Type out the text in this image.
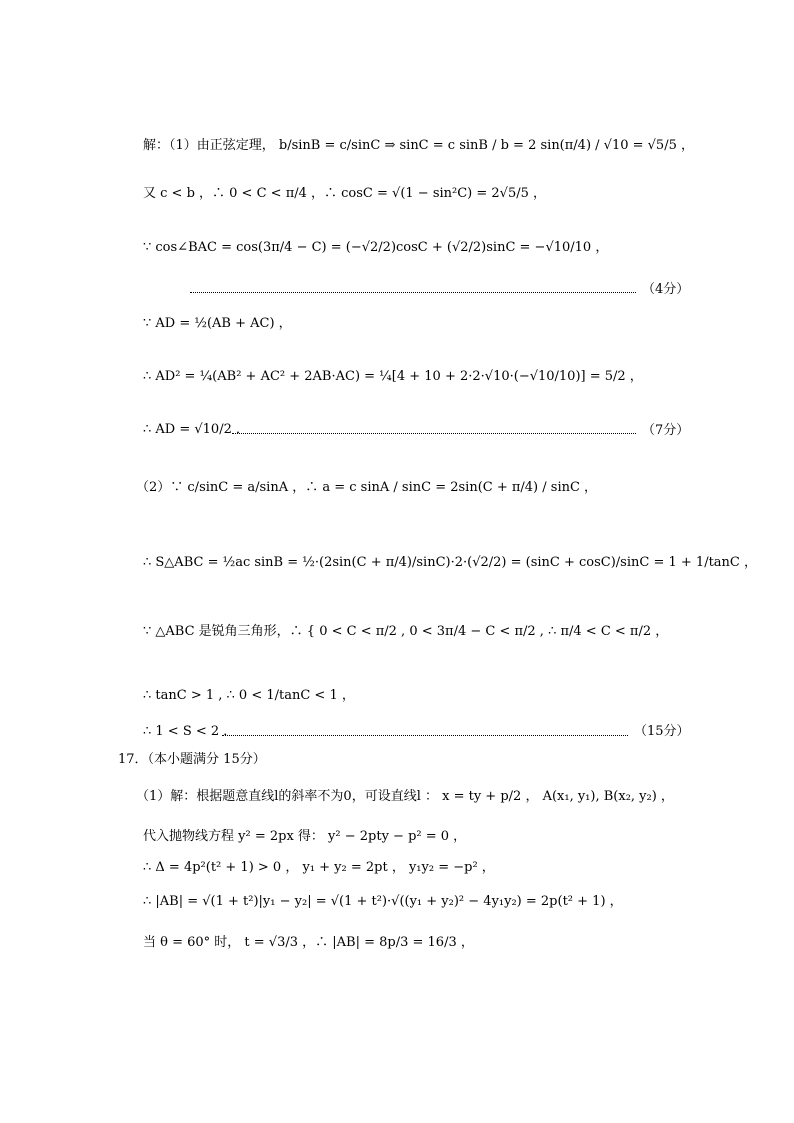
解：（1）由正弦定理， b/sinB = c/sinC ⇒ sinC = c sinB / b = 2 sin(π/4) / √10 = √5/5 ，
又 c < b ，∴ 0 < C < π/4 ，∴ cosC = √(1 − sin²C) = 2√5/5 ，
∵ cos∠BAC = cos(3π/4 − C) = (−√2/2)cosC + (√2/2)sinC = −√10/10 ，
（4分）
∵ AD = ½(AB + AC) ，
∴ AD² = ¼(AB² + AC² + 2AB·AC) = ¼[4 + 10 + 2·2·√10·(−√10/10)] = 5/2 ，
∴ AD = √10/2 ．	（7分）
（2）∵ c/sinC = a/sinA ，∴ a = c sinA / sinC = 2sin(C + π/4) / sinC ，
∴ S△ABC = ½ac sinB = ½·(2sin(C + π/4)/sinC)·2·(√2/2) = (sinC + cosC)/sinC = 1 + 1/tanC ，
∵ △ABC 是锐角三角形，∴ { 0 < C < π/2 , 0 < 3π/4 − C < π/2 , ∴ π/4 < C < π/2 ，
∴ tanC > 1 , ∴ 0 < 1/tanC < 1 ，
∴ 1 < S < 2 ．	（15分）
17．（本小题满分 15分）
（1）解：根据题意直线l的斜率不为0，可设直线l ： x = ty + p/2 ， A(x₁, y₁), B(x₂, y₂) ，
代入抛物线方程 y² = 2px 得： y² − 2pty − p² = 0 ，
∴ Δ = 4p²(t² + 1) > 0 ， y₁ + y₂ = 2pt ， y₁y₂ = −p² ，
∴ |AB| = √(1 + t²)|y₁ − y₂| = √(1 + t²)·√((y₁ + y₂)² − 4y₁y₂) = 2p(t² + 1) ，
当 θ = 60° 时， t = √3/3 ，∴ |AB| = 8p/3 = 16/3 ，
